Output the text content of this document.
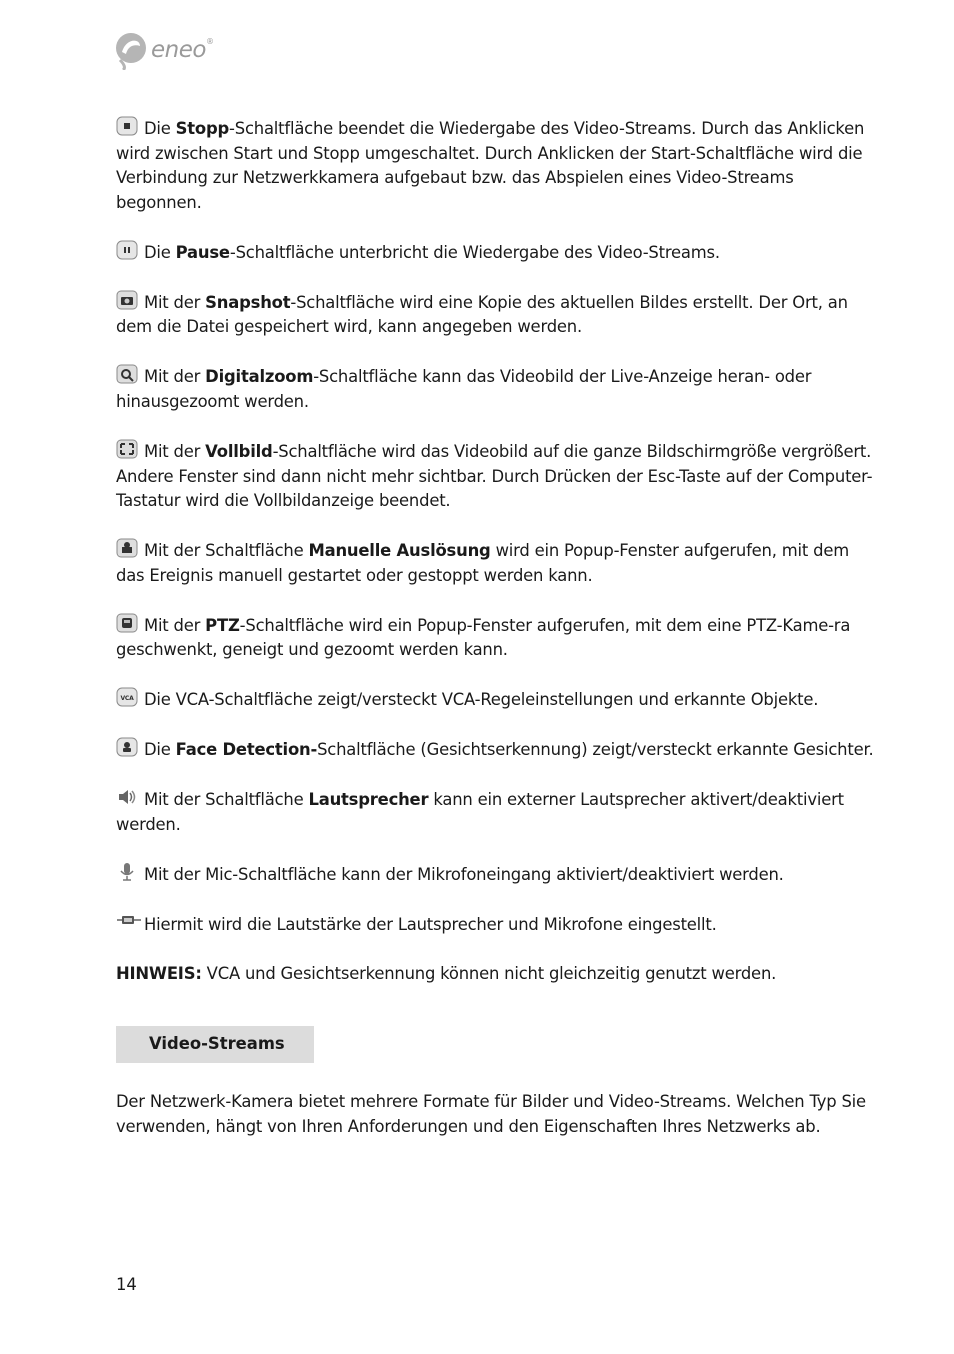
eneo®

Die Stopp-Schaltfläche beendet die Wiedergabe des Video-Streams. Durch das Anklicken wird zwischen Start und Stopp umgeschaltet. Durch Anklicken der Start-Schaltfläche wird die Verbindung zur Netzwerkkamera aufgebaut bzw. das Abspielen eines Video-Streams begonnen.

Die Pause-Schaltfläche unterbricht die Wiedergabe des Video-Streams.

Mit der Snapshot-Schaltfläche wird eine Kopie des aktuellen Bildes erstellt. Der Ort, an dem die Datei gespeichert wird, kann angegeben werden.

Mit der Digitalzoom-Schaltfläche kann das Videobild der Live-Anzeige heran- oder hinausgezoomt werden.

Mit der Vollbild-Schaltfläche wird das Videobild auf die ganze Bildschirmgröße vergrößert. Andere Fenster sind dann nicht mehr sichtbar. Durch Drücken der Esc-Taste auf der Computer-Tastatur wird die Vollbildanzeige beendet.

Mit der Schaltfläche Manuelle Auslösung wird ein Popup-Fenster aufgerufen, mit dem das Ereignis manuell gestartet oder gestoppt werden kann.

Mit der PTZ-Schaltfläche wird ein Popup-Fenster aufgerufen, mit dem eine PTZ-Kame-ra geschwenkt, geneigt und gezoomt werden kann.

VCA Die VCA-Schaltfläche zeigt/versteckt VCA-Regeleinstellungen und erkannte Objekte.

Die Face Detection-Schaltfläche (Gesichtserkennung) zeigt/versteckt erkannte Gesichter.

Mit der Schaltfläche Lautsprecher kann ein externer Lautsprecher aktivert/deaktiviert werden.

Mit der Mic-Schaltfläche kann der Mikrofoneingang aktiviert/deaktiviert werden.

Hiermit wird die Lautstärke der Lautsprecher und Mikrofone eingestellt.

HINWEIS: VCA und Gesichtserkennung können nicht gleichzeitig genutzt werden.

Video-Streams

Der Netzwerk-Kamera bietet mehrere Formate für Bilder und Video-Streams. Welchen Typ Sie verwenden, hängt von Ihren Anforderungen und den Eigenschaften Ihres Netzwerks ab.

14
